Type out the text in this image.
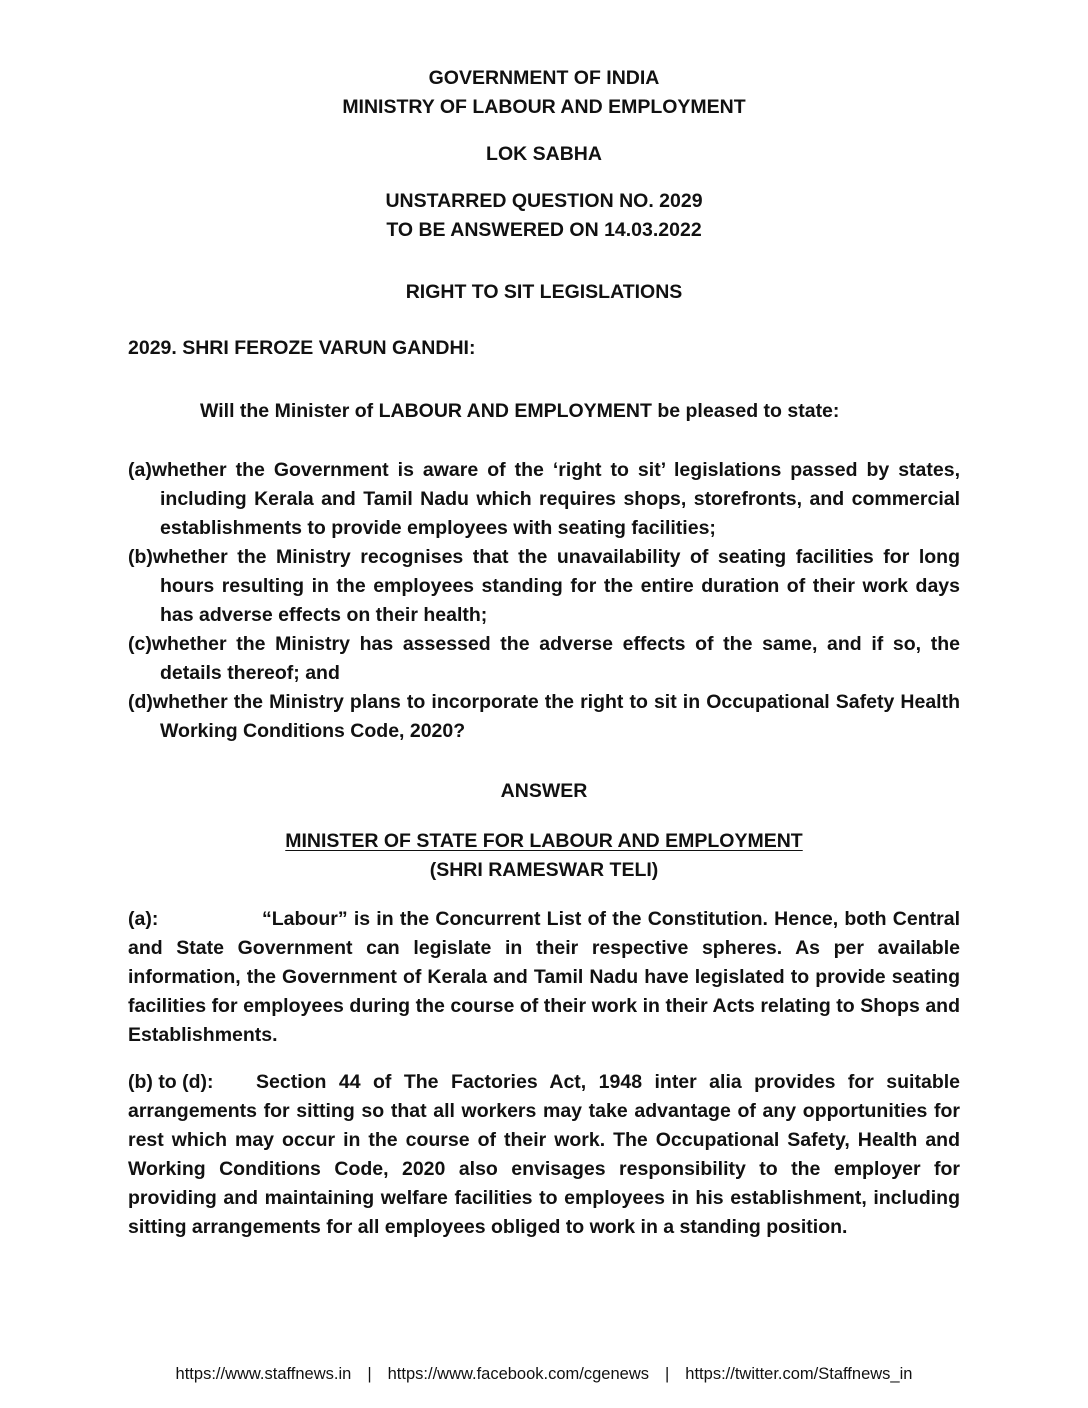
GOVERNMENT OF INDIA
MINISTRY OF LABOUR AND EMPLOYMENT
LOK SABHA
UNSTARRED QUESTION NO. 2029
TO BE ANSWERED ON 14.03.2022
RIGHT TO SIT LEGISLATIONS
2029. SHRI FEROZE VARUN GANDHI:
Will the Minister of LABOUR AND EMPLOYMENT be pleased to state:
(a)whether the Government is aware of the ‘right to sit’ legislations passed by states, including Kerala and Tamil Nadu which requires shops, storefronts, and commercial establishments to provide employees with seating facilities;
(b)whether the Ministry recognises that the unavailability of seating facilities for long hours resulting in the employees standing for the entire duration of their work days has adverse effects on their health;
(c)whether the Ministry has assessed the adverse effects of the same, and if so, the details thereof; and
(d)whether the Ministry plans to incorporate the right to sit in Occupational Safety Health Working Conditions Code, 2020?
ANSWER
MINISTER OF STATE FOR LABOUR AND EMPLOYMENT
(SHRI RAMESWAR TELI)
(a):	“Labour” is in the Concurrent List of the Constitution. Hence, both Central and State Government can legislate in their respective spheres. As per available information, the Government of Kerala and Tamil Nadu have legislated to provide seating facilities for employees during the course of their work in their Acts relating to Shops and Establishments.
(b) to (d): Section 44 of The Factories Act, 1948 inter alia provides for suitable arrangements for sitting so that all workers may take advantage of any opportunities for rest which may occur in the course of their work. The Occupational Safety, Health and Working Conditions Code, 2020 also envisages responsibility to the employer for providing and maintaining welfare facilities to employees in his establishment, including sitting arrangements for all employees obliged to work in a standing position.
https://www.staffnews.in | https://www.facebook.com/cgenews | https://twitter.com/Staffnews_in
